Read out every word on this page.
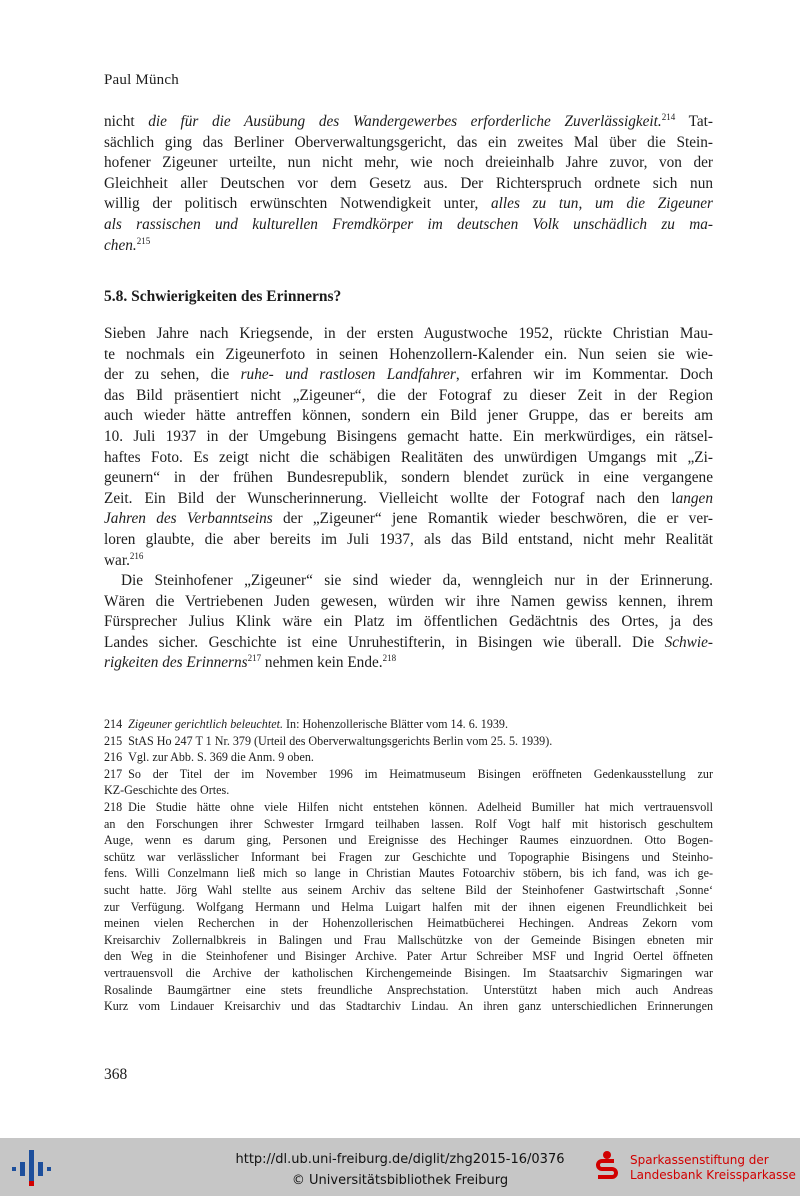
Paul Münch
nicht die für die Ausübung des Wandergewerbes erforderliche Zuverlässigkeit.$^{214}$ Tat-
sächlich ging das Berliner Oberverwaltungsgericht, das ein zweites Mal über die Stein-
hofener Zigeuner urteilte, nun nicht mehr, wie noch dreieinhalb Jahre zuvor, von der
Gleichheit aller Deutschen vor dem Gesetz aus. Der Richterspruch ordnete sich nun
willig der politisch erwünschten Notwendigkeit unter, alles zu tun, um die Zigeuner
als rassischen und kulturellen Fremdkörper im deutschen Volk unschädlich zu ma-
chen.$^{215}$
5.8. Schwierigkeiten des Erinnerns?
Sieben Jahre nach Kriegsende, in der ersten Augustwoche 1952, rückte Christian Mau-
te nochmals ein Zigeunerfoto in seinen Hohenzollern-Kalender ein. Nun seien sie wie-
der zu sehen, die ruhe- und rastlosen Landfahrer, erfahren wir im Kommentar. Doch
das Bild präsentiert nicht „Zigeuner“, die der Fotograf zu dieser Zeit in der Region
auch wieder hätte antreffen können, sondern ein Bild jener Gruppe, das er bereits am
10. Juli 1937 in der Umgebung Bisingens gemacht hatte. Ein merkwürdiges, ein rätsel-
haftes Foto. Es zeigt nicht die schäbigen Realitäten des unwürdigen Umgangs mit „Zi-
geunern“ in der frühen Bundesrepublik, sondern blendet zurück in eine vergangene
Zeit. Ein Bild der Wunscherinnerung. Vielleicht wollte der Fotograf nach den langen
Jahren des Verbanntseins der „Zigeuner“ jene Romantik wieder beschwören, die er ver-
loren glaubte, die aber bereits im Juli 1937, als das Bild entstand, nicht mehr Realität
war.$^{216}$
Die Steinhofener „Zigeuner“ sie sind wieder da, wenngleich nur in der Erinnerung.
Wären die Vertriebenen Juden gewesen, würden wir ihre Namen gewiss kennen, ihrem
Fürsprecher Julius Klink wäre ein Platz im öffentlichen Gedächtnis des Ortes, ja des
Landes sicher. Geschichte ist eine Unruhestifterin, in Bisingen wie überall. Die Schwie-
rigkeiten des Erinnerns$^{217}$ nehmen kein Ende.$^{218}$
214 Zigeuner gerichtlich beleuchtet. In: Hohenzollerische Blätter vom 14. 6. 1939.
215 StAS Ho 247 T 1 Nr. 379 (Urteil des Oberverwaltungsgerichts Berlin vom 25. 5. 1939).
216 Vgl. zur Abb. S. 369 die Anm. 9 oben.
217 So der Titel der im November 1996 im Heimatmuseum Bisingen eröffneten Gedenkausstellung zur
KZ-Geschichte des Ortes.
218 Die Studie hätte ohne viele Hilfen nicht entstehen können. Adelheid Bumiller hat mich vertrauensvoll
an den Forschungen ihrer Schwester Irmgard teilhaben lassen. Rolf Vogt half mit historisch geschultem
Auge, wenn es darum ging, Personen und Ereignisse des Hechinger Raumes einzuordnen. Otto Bogen-
schütz war verlässlicher Informant bei Fragen zur Geschichte und Topographie Bisingens und Steinho-
fens. Willi Conzelmann ließ mich so lange in Christian Mautes Fotoarchiv stöbern, bis ich fand, was ich ge-
sucht hatte. Jörg Wahl stellte aus seinem Archiv das seltene Bild der Steinhofener Gastwirtschaft ‚Sonne‘
zur Verfügung. Wolfgang Hermann und Helma Luigart halfen mit der ihnen eigenen Freundlichkeit bei
meinen vielen Recherchen in der Hohenzollerischen Heimatbücherei Hechingen. Andreas Zekorn vom
Kreisarchiv Zollernalbkreis in Balingen und Frau Mallschützke von der Gemeinde Bisingen ebneten mir
den Weg in die Steinhofener und Bisinger Archive. Pater Artur Schreiber MSF und Ingrid Oertel öffneten
vertrauensvoll die Archive der katholischen Kirchengemeinde Bisingen. Im Staatsarchiv Sigmaringen war
Rosalinde Baumgärtner eine stets freundliche Ansprechstation. Unterstützt haben mich auch Andreas
Kurz vom Lindauer Kreisarchiv und das Stadtarchiv Lindau. An ihren ganz unterschiedlichen Erinnerungen
368
http://dl.ub.uni-freiburg.de/diglit/zhg2015-16/0376
© Universitätsbibliothek Freiburg
Sparkassenstiftung der
Landesbank Kreissparkasse
